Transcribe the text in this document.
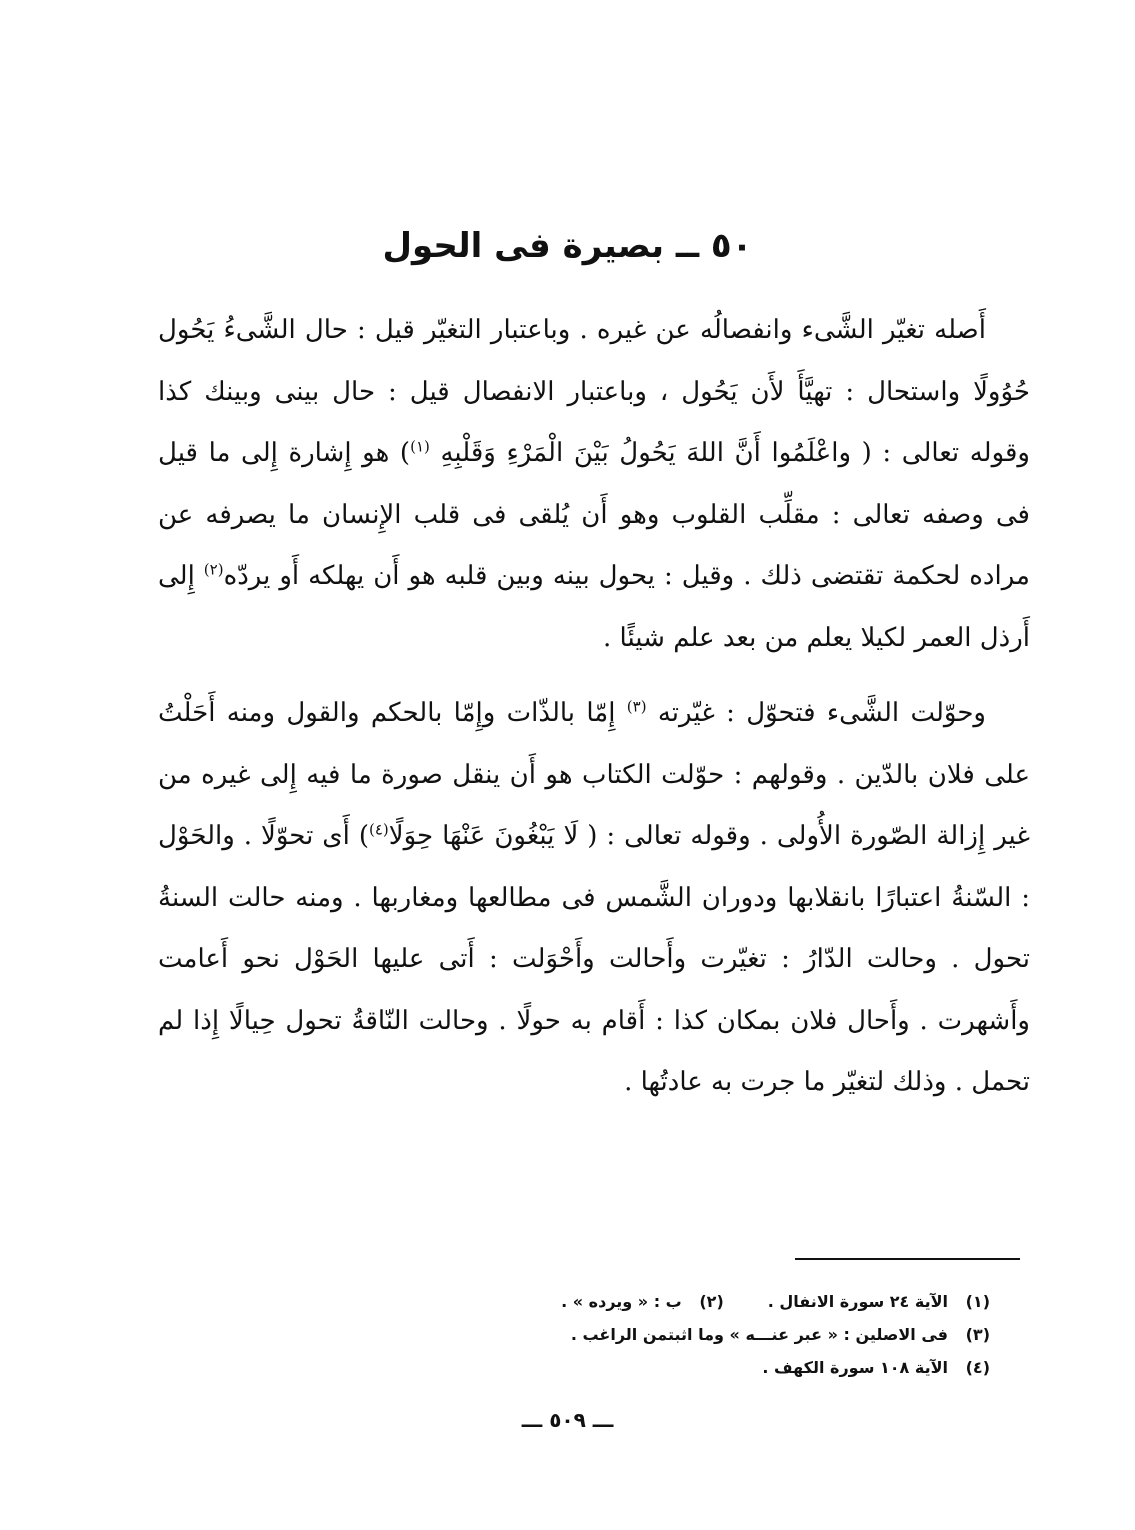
٥٠ ــ بصيرة فى الحول

أَصله تغيّر الشَّىء وانفصالُه عن غيره . وباعتبار التغيّر قيل : حال الشَّىءُ يَحُول حُوُولًا واستحال : تهيَّأَ لأَن يَحُول ، وباعتبار الانفصال قيل : حال بينى وبينك كذا وقوله تعالى : ( واعْلَمُوا أَنَّ اللهَ يَحُولُ بَيْنَ الْمَرْءِ وَقَلْبِهِ $^{(١)}$) هو إِشارة إِلى ما قيل فى وصفه تعالى : مقلِّب القلوب وهو أَن يُلقى فى قلب الإِنسان ما يصرفه عن مراده لحكمة تقتضى ذلك . وقيل : يحول بينه وبين قلبه هو أَن يهلكه أَو يردّه$^{(٢)}$ إِلى أَرذل العمر لكيلا يعلم من بعد علم شيئًا .

وحوّلت الشَّىء فتحوّل : غيّرته $^{(٣)}$ إِمّا بالذّات وإِمّا بالحكم والقول ومنه أَحَلْتُ على فلان بالدّين . وقولهم : حوّلت الكتاب هو أَن ينقل صورة ما فيه إِلى غيره من غير إِزالة الصّورة الأُولى . وقوله تعالى : ( لَا يَبْغُونَ عَنْهَا حِوَلًا$^{(٤)}$) أَى تحوّلًا . والحَوْل : السّنةُ اعتبارًا بانقلابها ودوران الشَّمس فى مطالعها ومغاربها . ومنه حالت السنةُ تحول . وحالت الدّارُ : تغيّرت وأَحالت وأَحْوَلت : أَتى عليها الحَوْل نحو أَعامت وأَشهرت . وأَحال فلان بمكان كذا : أَقام به حولًا . وحالت النّاقةُ تحول حِيالًا إِذا لم تحمل . وذلك لتغيّر ما جرت به عادتُها .

(١)
الآية ٢٤ سورة الانفال .
(٢)
ب : « ويرده » .
(٣)
فى الاصلين : « عبر عنـــه » وما اثبتمن الراغب .
(٤)
الآية ١٠٨ سورة الكهف .
ـــ ٥٠٩ ـــ
